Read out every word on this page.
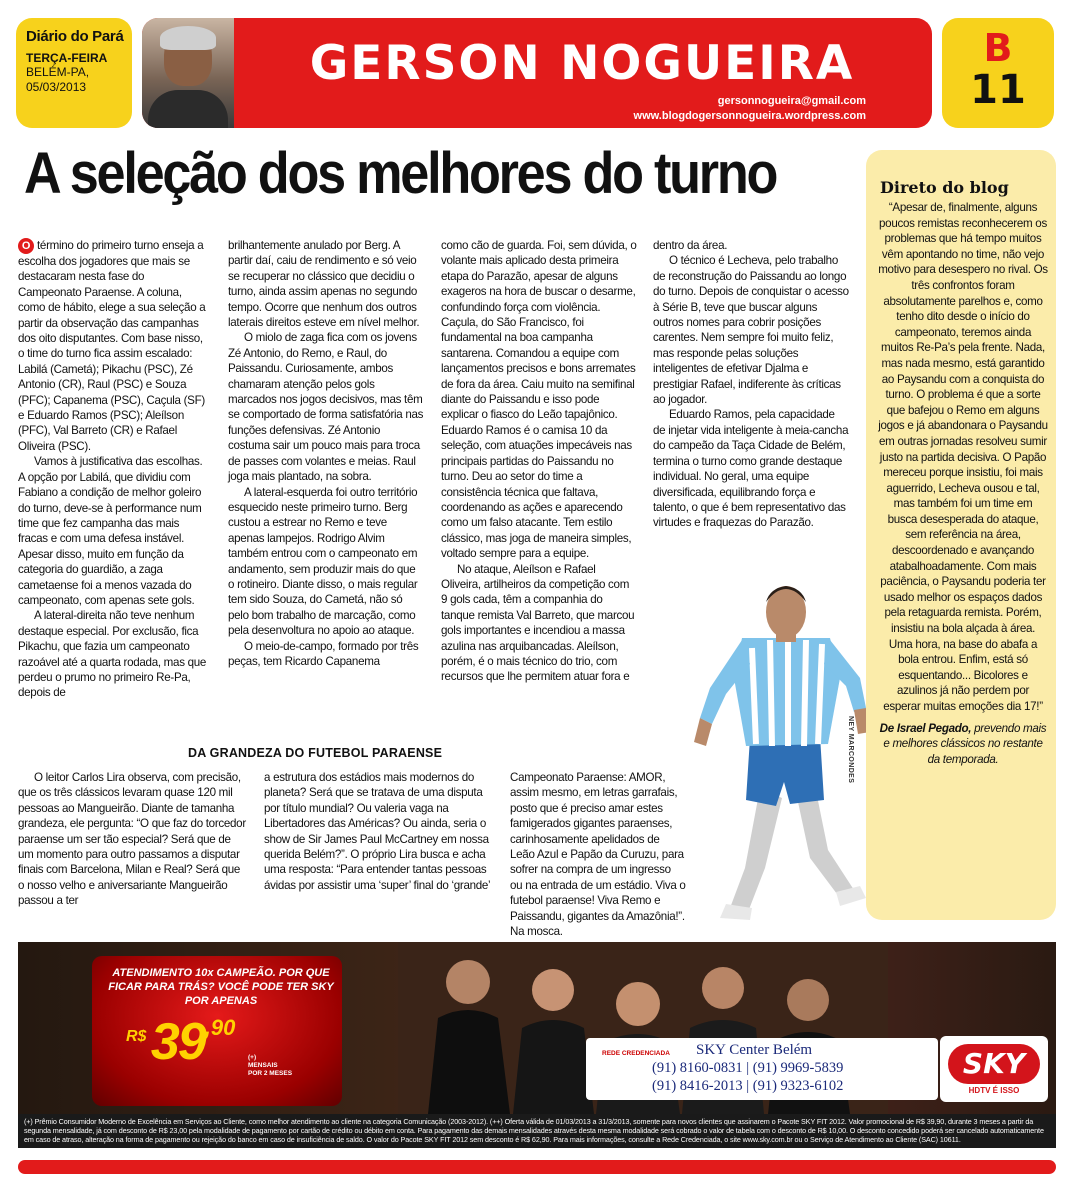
Diário do Pará
TERÇA-FEIRA
BELÉM-PA,
05/03/2013	GERSON NOGUEIRA
gersonnogueira@gmail.com
www.blogdogersonnogueira.wordpress.com
B
11
A seleção dos melhores do turno

O término do primeiro turno enseja a escolha dos jogadores que mais se destacaram nesta fase do Campeonato Paraense. A coluna, como de hábito, elege a sua seleção a partir da observação das campanhas dos oito disputantes. Com base nisso, o time do turno fica assim escalado: Labilá (Cametá); Pikachu (PSC), Zé Antonio (CR), Raul (PSC) e Souza (PFC); Capanema (PSC), Caçula (SF) e Eduardo Ramos (PSC); Aleílson (PFC), Val Barreto (CR) e Rafael Oliveira (PSC).

Vamos à justificativa das escolhas. A opção por Labilá, que dividiu com Fabiano a condição de melhor goleiro do turno, deve-se à performance num time que fez campanha das mais fracas e com uma defesa instável. Apesar disso, muito em função da categoria do guardião, a zaga cametaense foi a menos vazada do campeonato, com apenas sete gols.

A lateral-direita não teve nenhum destaque especial. Por exclusão, fica Pikachu, que fazia um campeonato razoável até a quarta rodada, mas que perdeu o prumo no primeiro Re-Pa, depois de

brilhantemente anulado por Berg. A partir daí, caiu de rendimento e só veio se recuperar no clássico que decidiu o turno, ainda assim apenas no segundo tempo. Ocorre que nenhum dos outros laterais direitos esteve em nível melhor.

O miolo de zaga fica com os jovens Zé Antonio, do Remo, e Raul, do Paissandu. Curiosamente, ambos chamaram atenção pelos gols marcados nos jogos decisivos, mas têm se comportado de forma satisfatória nas funções defensivas. Zé Antonio costuma sair um pouco mais para troca de passes com volantes e meias. Raul joga mais plantado, na sobra.

A lateral-esquerda foi outro território esquecido neste primeiro turno. Berg custou a estrear no Remo e teve apenas lampejos. Rodrigo Alvim também entrou com o campeonato em andamento, sem produzir mais do que o rotineiro. Diante disso, o mais regular tem sido Souza, do Cametá, não só pelo bom trabalho de marcação, como pela desenvoltura no apoio ao ataque.

O meio-de-campo, formado por três peças, tem Ricardo Capanema

como cão de guarda. Foi, sem dúvida, o volante mais aplicado desta primeira etapa do Parazão, apesar de alguns exageros na hora de buscar o desarme, confundindo força com violência. Caçula, do São Francisco, foi fundamental na boa campanha santarena. Comandou a equipe com lançamentos precisos e bons arremates de fora da área. Caiu muito na semifinal diante do Paissandu e isso pode explicar o fiasco do Leão tapajônico. Eduardo Ramos é o camisa 10 da seleção, com atuações impecáveis nas principais partidas do Paissandu no turno. Deu ao setor do time a consistência técnica que faltava, coordenando as ações e aparecendo como um falso atacante. Tem estilo clássico, mas joga de maneira simples, voltado sempre para a equipe.

No ataque, Aleílson e Rafael Oliveira, artilheiros da competição com 9 gols cada, têm a companhia do tanque remista Val Barreto, que marcou gols importantes e incendiou a massa azulina nas arquibancadas. Aleílson, porém, é o mais técnico do trio, com recursos que lhe permitem atuar fora e

dentro da área.

O técnico é Lecheva, pelo trabalho de reconstrução do Paissandu ao longo do turno. Depois de conquistar o acesso à Série B, teve que buscar alguns outros nomes para cobrir posições carentes. Nem sempre foi muito feliz, mas responde pelas soluções inteligentes de efetivar Djalma e prestigiar Rafael, indiferente às críticas ao jogador.

Eduardo Ramos, pela capacidade de injetar vida inteligente à meia-cancha do campeão da Taça Cidade de Belém, termina o turno como grande destaque individual. No geral, uma equipe diversificada, equilibrando força e talento, o que é bem representativo das virtudes e fraquezas do Parazão.

DA GRANDEZA DO FUTEBOL PARAENSE

O leitor Carlos Lira observa, com precisão, que os três clássicos levaram quase 120 mil pessoas ao Mangueirão. Diante de tamanha grandeza, ele pergunta: “O que faz do torcedor paraense um ser tão especial? Será que de um momento para outro passamos a disputar finais com Barcelona, Milan e Real? Será que o nosso velho e aniversariante Mangueirão passou a ter

a estrutura dos estádios mais modernos do planeta? Será que se tratava de uma disputa por título mundial? Ou valeria vaga na Libertadores das Américas? Ou ainda, seria o show de Sir James Paul McCartney em nossa querida Belém?”. O próprio Lira busca e acha uma resposta: “Para entender tantas pessoas ávidas por assistir uma ‘super’ final do ‘grande’

Campeonato Paraense: AMOR, assim mesmo, em letras garrafais, posto que é preciso amar estes famigerados gigantes paraenses, carinhosamente apelidados de Leão Azul e Papão da Curuzu, para sofrer na compra de um ingresso ou na entrada de um estádio. Viva o futebol paraense! Viva Remo e Paissandu, gigantes da Amazônia!”. Na mosca.

NEY MARCONDES
Direto do blog
“Apesar de, finalmente, alguns poucos remistas reconhecerem os problemas que há tempo muitos vêm apontando no time, não vejo motivo para desespero no rival. Os três confrontos foram absolutamente parelhos e, como tenho dito desde o início do campeonato, teremos ainda muitos Re-Pa’s pela frente. Nada, mas nada mesmo, está garantido ao Paysandu com a conquista do turno. O problema é que a sorte que bafejou o Remo em alguns jogos e já abandonara o Paysandu em outras jornadas resolveu sumir justo na partida decisiva. O Papão mereceu porque insistiu, foi mais aguerrido, Lecheva ousou e tal, mas também foi um time em busca desesperada do ataque, sem referência na área, descoordenado e avançando atabalhoadamente. Com mais paciência, o Paysandu poderia ter usado melhor os espaços dados pela retaguarda remista. Porém, insistiu na bola alçada à área. Uma hora, na base do abafa a bola entrou. Enfim, está só esquentando... Bicolores e azulinos já não perdem por esperar muitas emoções dia 17!”
De Israel Pegado, prevendo mais e melhores clássicos no restante da temporada.
ATENDIMENTO 10x CAMPEÃO. POR QUE FICAR PARA TRÁS? VOCÊ PODE TER SKY POR APENAS
R$ 39,90
(+)
MENSAIS
POR 2 MESES
REDE CREDENCIADA SKY Center Belém
(91) 8160-0831 | (91) 9969-5839
(91) 8416-2013 | (91) 9323-6102
SKY
HDTV É ISSO
(+) Prêmio Consumidor Moderno de Excelência em Serviços ao Cliente, como melhor atendimento ao cliente na categoria Comunicação (2003-2012). (++) Oferta válida de 01/03/2013 a 31/3/2013, somente para novos clientes que assinarem o Pacote SKY FIT 2012. Valor promocional de R$ 39,90, durante 3 meses a partir da segunda mensalidade, já com desconto de R$ 23,00 pela modalidade de pagamento por cartão de crédito ou débito em conta. Para pagamento das demais mensalidades através desta mesma modalidade será cobrado o valor de tabela com o desconto de R$ 10,00. O desconto concedido poderá ser cancelado automaticamente em caso de atraso, alteração na forma de pagamento ou rejeição do banco em caso de insuficiência de saldo. O valor do Pacote SKY FIT 2012 sem desconto é R$ 62,90. Para mais informações, consulte a Rede Credenciada, o site www.sky.com.br ou o Serviço de Atendimento ao Cliente (SAC) 10611.
